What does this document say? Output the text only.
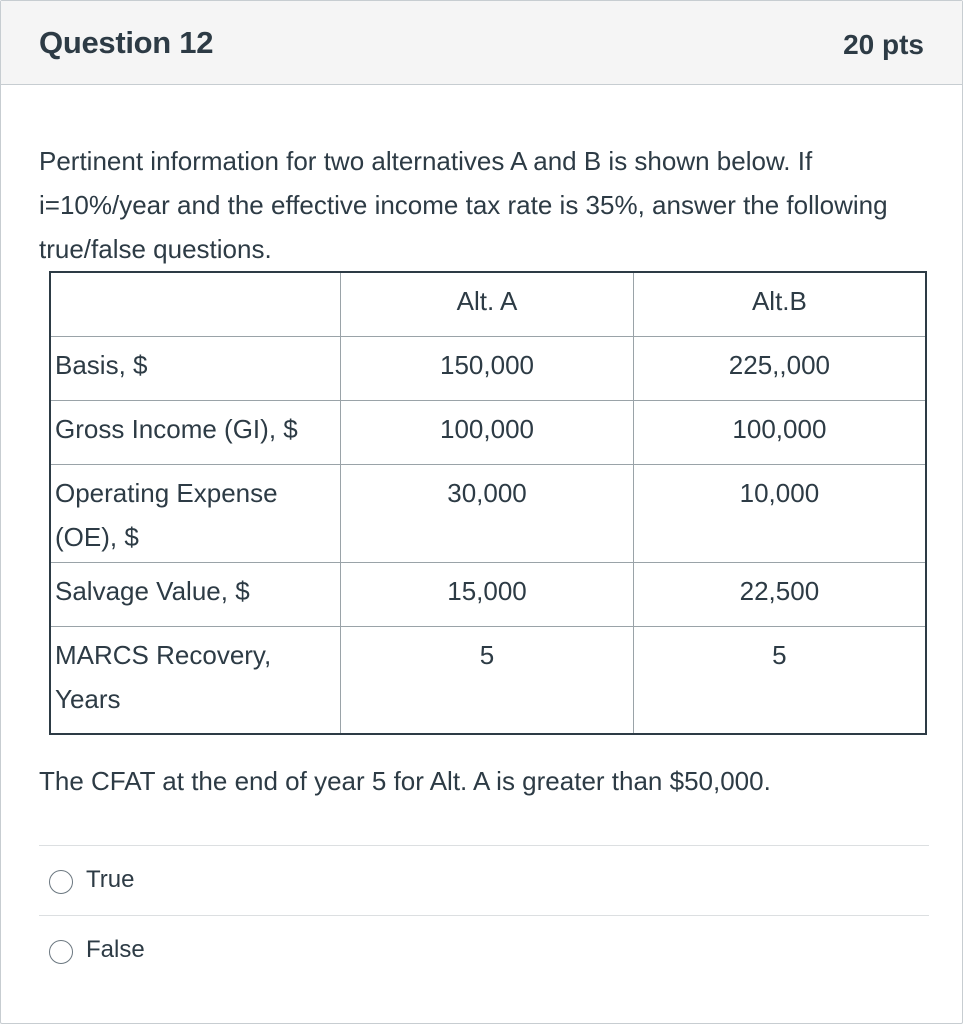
Question 12	20 pts

Pertinent information for two alternatives A and B is shown below. If i=10%/year and the effective income tax rate is 35%, answer the following true/false questions.

	Alt. A	Alt.B
Basis, $	150,000	225,,000
Gross Income (GI), $	100,000	100,000
Operating Expense (OE), $	30,000	10,000
Salvage Value, $	15,000	22,500
MARCS Recovery, Years	5	5

The CFAT at the end of year 5 for Alt. A is greater than $50,000.

True
False
